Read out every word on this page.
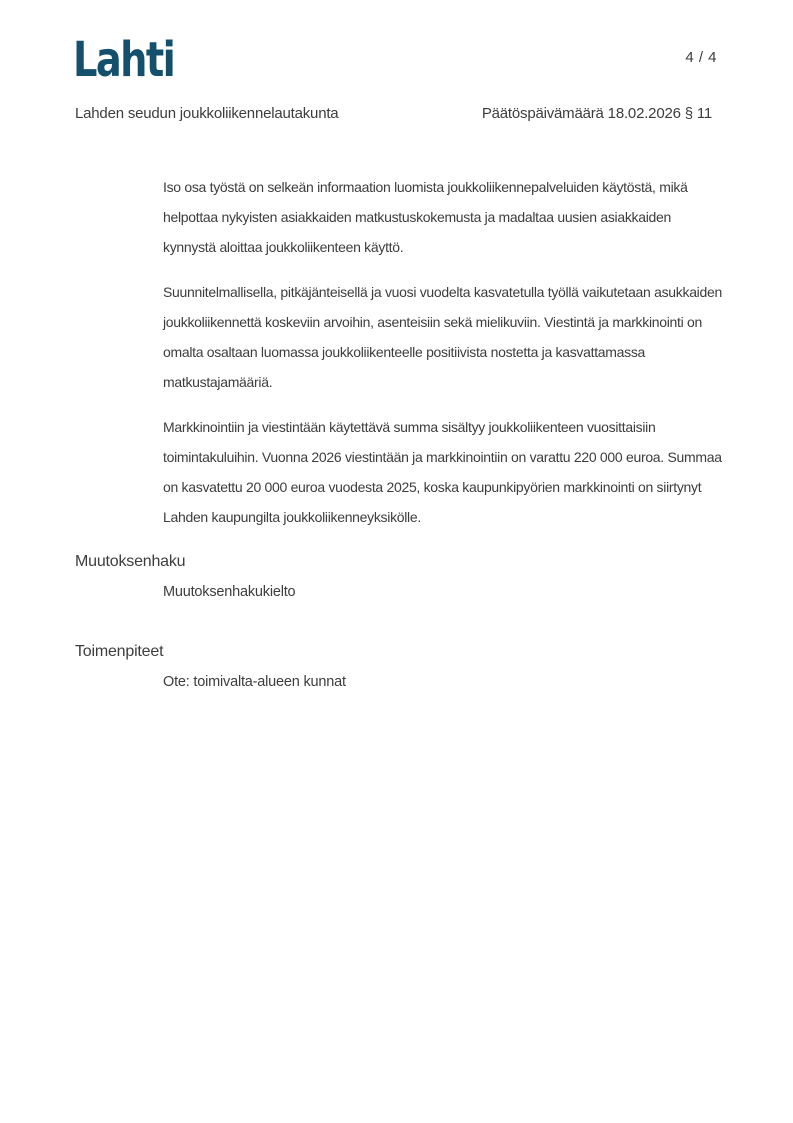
Lahti	4 / 4
Lahden seudun joukkoliikennelautakunta	Päätöspäivämäärä 18.02.2026 § 11

Iso osa työstä on selkeän informaation luomista joukkoliikennepalveluiden käytöstä, mikä helpottaa nykyisten asiakkaiden matkustuskokemusta ja madaltaa uusien asiakkaiden kynnystä aloittaa joukkoliikenteen käyttö.

Suunnitelmallisella, pitkäjänteisellä ja vuosi vuodelta kasvatetulla työllä vaikutetaan asukkaiden joukkoliikennettä koskeviin arvoihin, asenteisiin sekä mielikuviin. Viestintä ja markkinointi on omalta osaltaan luomassa joukkoliikenteelle positiivista nostetta ja kasvattamassa matkustajamääriä.

Markkinointiin ja viestintään käytettävä summa sisältyy joukkoliikenteen vuosittaisiin toimintakuluihin. Vuonna 2026 viestintään ja markkinointiin on varattu 220 000 euroa. Summaa on kasvatettu 20 000 euroa vuodesta 2025, koska kaupunkipyörien markkinointi on siirtynyt Lahden kaupungilta joukkoliikenneyksikölle.

Muutoksenhaku

Muutoksenhakukielto

Toimenpiteet

Ote: toimivalta-alueen kunnat
